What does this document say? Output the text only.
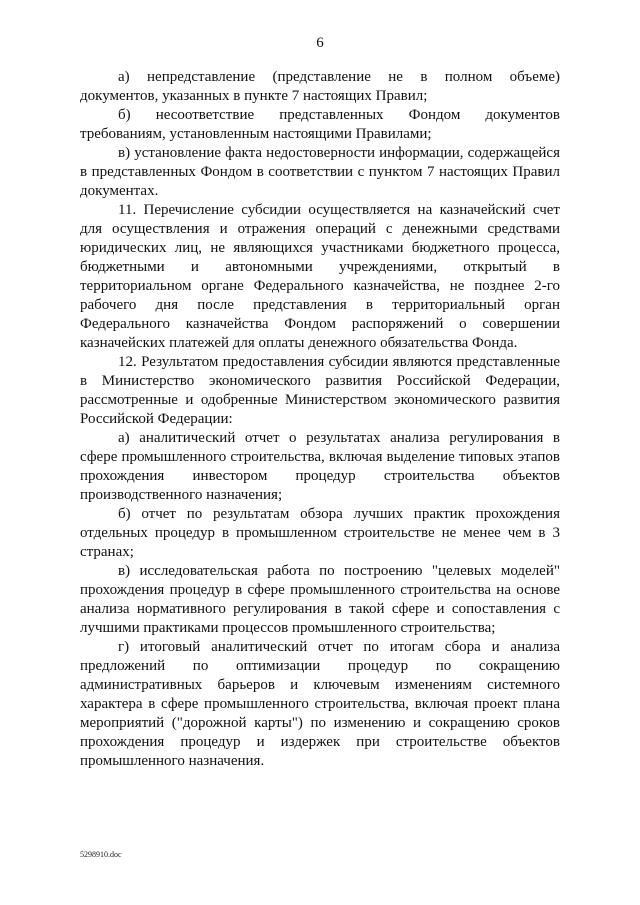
6

а) непредставление (представление не в полном объеме) документов, указанных в пункте 7 настоящих Правил;

б) несоответствие представленных Фондом документов требованиям, установленным настоящими Правилами;

в) установление факта недостоверности информации, содержащейся в представленных Фондом в соответствии с пунктом 7 настоящих Правил документах.

11. Перечисление субсидии осуществляется на казначейский счет для осуществления и отражения операций с денежными средствами юридических лиц, не являющихся участниками бюджетного процесса, бюджетными и автономными учреждениями, открытый в территориальном органе Федерального казначейства, не позднее 2-го рабочего дня после представления в территориальный орган Федерального казначейства Фондом распоряжений о совершении казначейских платежей для оплаты денежного обязательства Фонда.

12. Результатом предоставления субсидии являются представленные в Министерство экономического развития Российской Федерации, рассмотренные и одобренные Министерством экономического развития Российской Федерации:

а) аналитический отчет о результатах анализа регулирования в сфере промышленного строительства, включая выделение типовых этапов прохождения инвестором процедур строительства объектов производственного назначения;

б) отчет по результатам обзора лучших практик прохождения отдельных процедур в промышленном строительстве не менее чем в 3 странах;

в) исследовательская работа по построению "целевых моделей" прохождения процедур в сфере промышленного строительства на основе анализа нормативного регулирования в такой сфере и сопоставления с лучшими практиками процессов промышленного строительства;

г) итоговый аналитический отчет по итогам сбора и анализа предложений по оптимизации процедур по сокращению административных барьеров и ключевым изменениям системного характера в сфере промышленного строительства, включая проект плана мероприятий ("дорожной карты") по изменению и сокращению сроков прохождения процедур и издержек при строительстве объектов промышленного назначения.

5298910.doc
